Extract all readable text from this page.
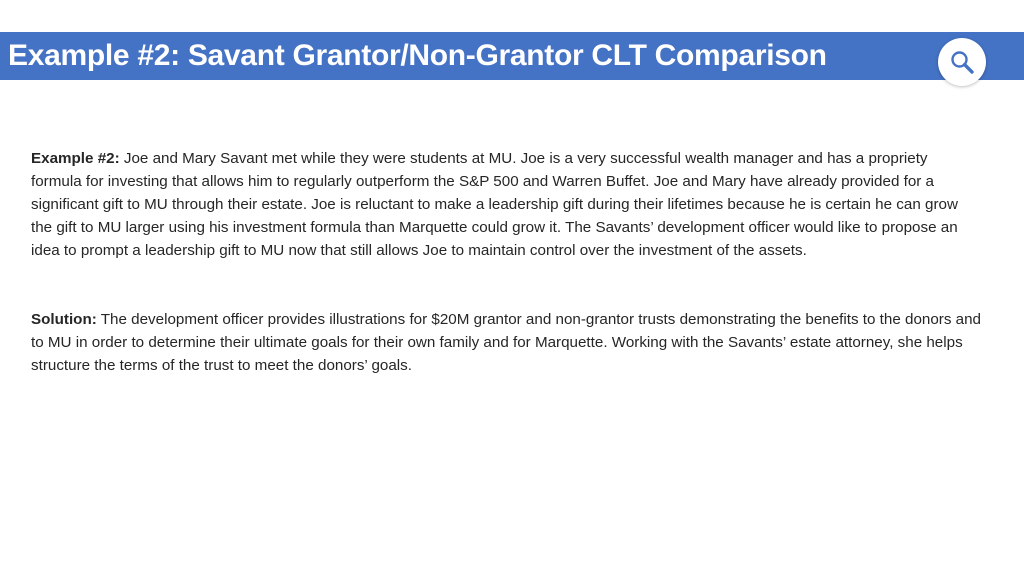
Example #2: Savant Grantor/Non-Grantor CLT Comparison

Example #2: Joe and Mary Savant met while they were students at MU. Joe is a very successful wealth manager and has a propriety formula for investing that allows him to regularly outperform the S&P 500 and Warren Buffet. Joe and Mary have already provided for a significant gift to MU through their estate. Joe is reluctant to make a leadership gift during their lifetimes because he is certain he can grow the gift to MU larger using his investment formula than Marquette could grow it. The Savants’ development officer would like to propose an idea to prompt a leadership gift to MU now that still allows Joe to maintain control over the investment of the assets.

Solution: The development officer provides illustrations for $20M grantor and non-grantor trusts demonstrating the benefits to the donors and to MU in order to determine their ultimate goals for their own family and for Marquette. Working with the Savants’ estate attorney, she helps structure the terms of the trust to meet the donors’ goals.
